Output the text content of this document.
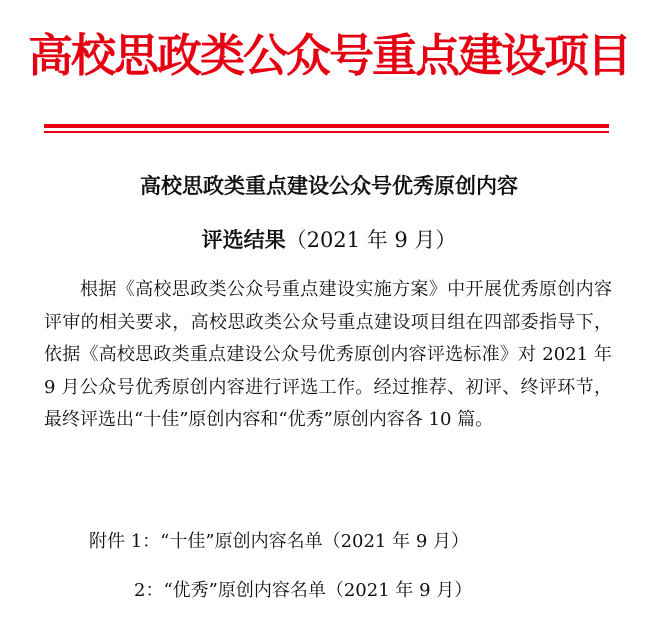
高校思政类公众号重点建设项目
高校思政类重点建设公众号优秀原创内容
评选结果（2021 年 9 月）

根据《高校思政类公众号重点建设实施方案》中开展优秀原创内容评审的相关要求，高校思政类公众号重点建设项目组在四部委指导下，依据《高校思政类重点建设公众号优秀原创内容评选标准》对 2021 年 9 月公众号优秀原创内容进行评选工作。经过推荐、初评、终评环节，最终评选出“十佳”原创内容和“优秀”原创内容各 10 篇。

附件 1：“十佳”原创内容名单（2021 年 9 月）
2：“优秀”原创内容名单（2021 年 9 月）
